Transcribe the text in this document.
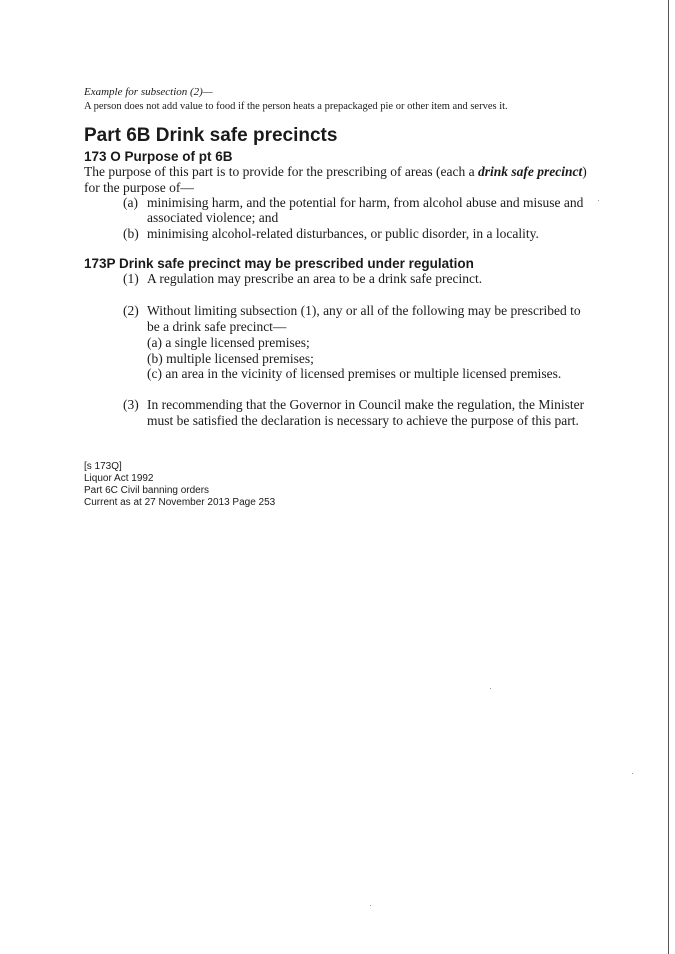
Example for subsection (2)—
A person does not add value to food if the person heats a prepackaged pie or other item and serves it.
Part 6B Drink safe precincts
173 O Purpose of pt 6B
The purpose of this part is to provide for the prescribing of areas (each a drink safe precinct)
for the purpose of—
(a) minimising harm, and the potential for harm, from alcohol abuse and misuse and
associated violence; and
(b) minimising alcohol-related disturbances, or public disorder, in a locality.
173P Drink safe precinct may be prescribed under regulation
(1) A regulation may prescribe an area to be a drink safe precinct.
(2) Without limiting subsection (1), any or all of the following may be prescribed to
be a drink safe precinct—
(a) a single licensed premises;
(b) multiple licensed premises;
(c) an area in the vicinity of licensed premises or multiple licensed premises.
(3) In recommending that the Governor in Council make the regulation, the Minister
must be satisfied the declaration is necessary to achieve the purpose of this part.
[s 173Q]
Liquor Act 1992
Part 6C Civil banning orders
Current as at 27 November 2013 Page 253
